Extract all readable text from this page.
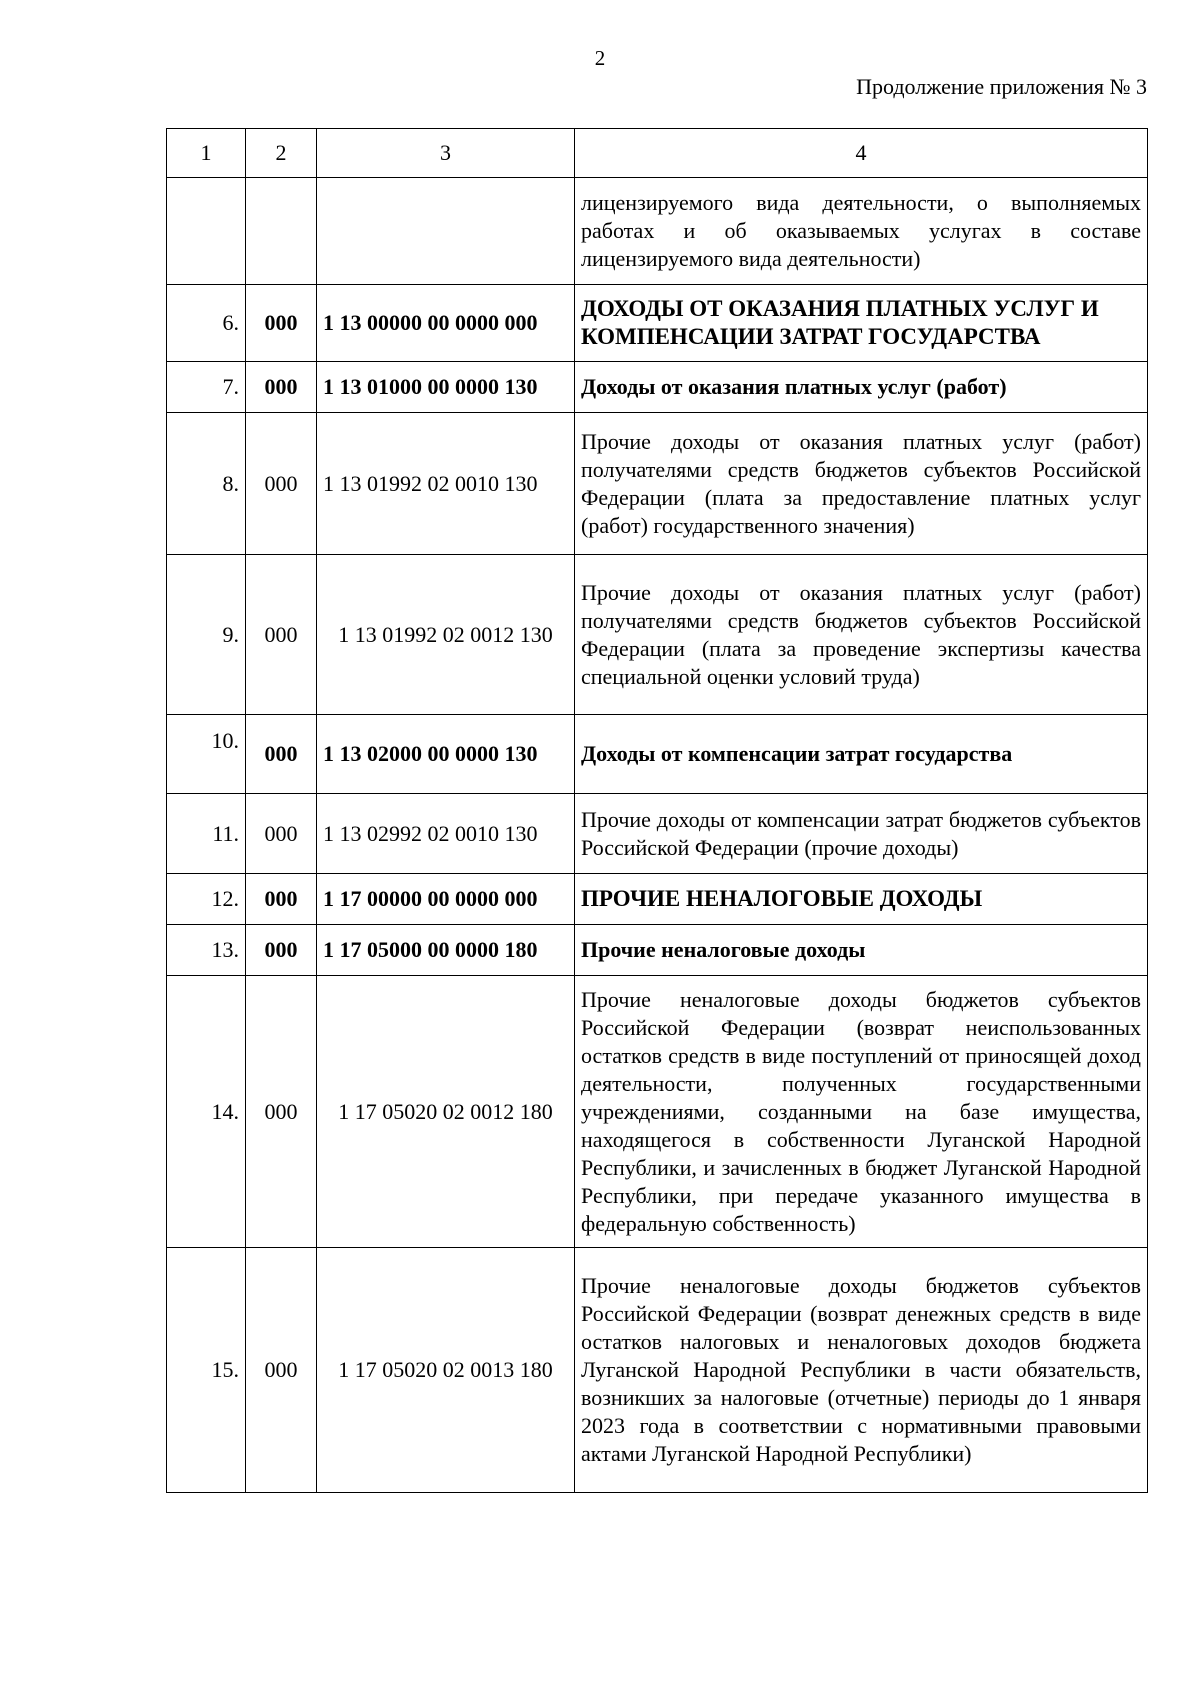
2
Продолжение приложения № 3
1	2	3	4
			лицензируемого вида деятельности, о выполняемых работах и об оказываемых услугах в составе лицензируемого вида деятельности)
6.	000	1 13 00000 00 0000 000	ДОХОДЫ ОТ ОКАЗАНИЯ ПЛАТНЫХ УСЛУГ И КОМПЕНСАЦИИ ЗАТРАТ ГОСУДАРСТВА
7.	000	1 13 01000 00 0000 130	Доходы от оказания платных услуг (работ)
8.	000	1 13 01992 02 0010 130	Прочие доходы от оказания платных услуг (работ) получателями средств бюджетов субъектов Российской Федерации (плата за предоставление платных услуг (работ) государственного значения)
9.	000	1 13 01992 02 0012 130	Прочие доходы от оказания платных услуг (работ) получателями средств бюджетов субъектов Российской Федерации (плата за проведение экспертизы качества специальной оценки условий труда)
10.	000	1 13 02000 00 0000 130	Доходы от компенсации затрат государства
11.	000	1 13 02992 02 0010 130	Прочие доходы от компенсации затрат бюджетов субъектов Российской Федерации (прочие доходы)
12.	000	1 17 00000 00 0000 000	ПРОЧИЕ НЕНАЛОГОВЫЕ ДОХОДЫ
13.	000	1 17 05000 00 0000 180	Прочие неналоговые доходы
14.	000	1 17 05020 02 0012 180	Прочие неналоговые доходы бюджетов субъектов Российской Федерации (возврат неиспользованных остатков средств в виде поступлений от приносящей доход деятельности, полученных государственными учреждениями, созданными на базе имущества, находящегося в собственности Луганской Народной Республики, и зачисленных в бюджет Луганской Народной Республики, при передаче указанного имущества в федеральную собственность)
15.	000	1 17 05020 02 0013 180	Прочие неналоговые доходы бюджетов субъектов Российской Федерации (возврат денежных средств в виде остатков налоговых и неналоговых доходов бюджета Луганской Народной Республики в части обязательств, возникших за налоговые (отчетные) периоды до 1 января 2023 года в соответствии с нормативными правовыми актами Луганской Народной Республики)
